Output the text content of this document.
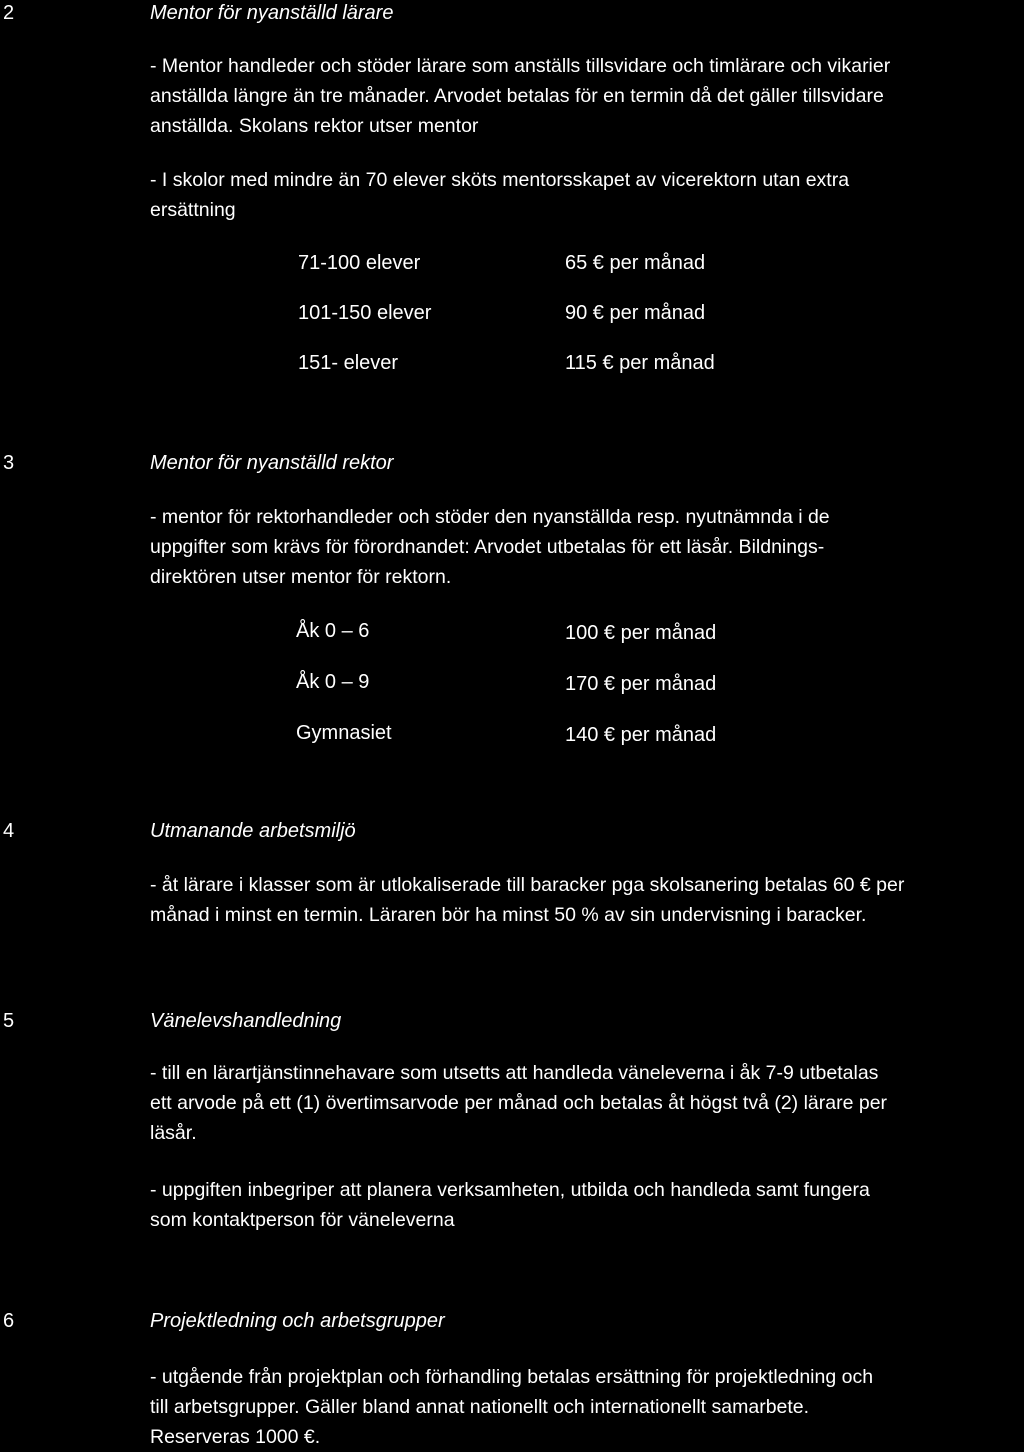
2	Mentor för nyanställd lärare
- Mentor handleder och stöder lärare som anställs tillsvidare och timlärare och vikarier
anställda längre än tre månader. Arvodet betalas för en termin då det gäller tillsvidare
anställda. Skolans rektor utser mentor
- I skolor med mindre än 70 elever sköts mentorsskapet av vicerektorn utan extra
ersättning
71-100 elever	65 € per månad
101-150 elever	90 € per månad
151- elever	115 € per månad
3	Mentor för nyanställd rektor
- mentor för rektorhandleder och stöder den nyanställda resp. nyutnämnda i de
uppgifter som krävs för förordnandet: Arvodet utbetalas för ett läsår. Bildnings-
direktören utser mentor för rektorn.
Åk 0 – 6	100 € per månad
Åk 0 – 9	170 € per månad
Gymnasiet	140 € per månad
4	Utmanande arbetsmiljö
- åt lärare i klasser som är utlokaliserade till baracker pga skolsanering betalas 60 € per
månad i minst en termin. Läraren bör ha minst 50 % av sin undervisning i baracker.
5	Vänelevshandledning
- till en lärartjänstinnehavare som utsetts att handleda väneleverna i åk 7-9 utbetalas
ett arvode på ett (1) övertimsarvode per månad och betalas åt högst två (2) lärare per
läsår.
- uppgiften inbegriper att planera verksamheten, utbilda och handleda samt fungera
som kontaktperson för väneleverna
6	Projektledning och arbetsgrupper
- utgående från projektplan och förhandling betalas ersättning för projektledning och
till arbetsgrupper. Gäller bland annat nationellt och internationellt samarbete.
Reserveras 1000 €.
